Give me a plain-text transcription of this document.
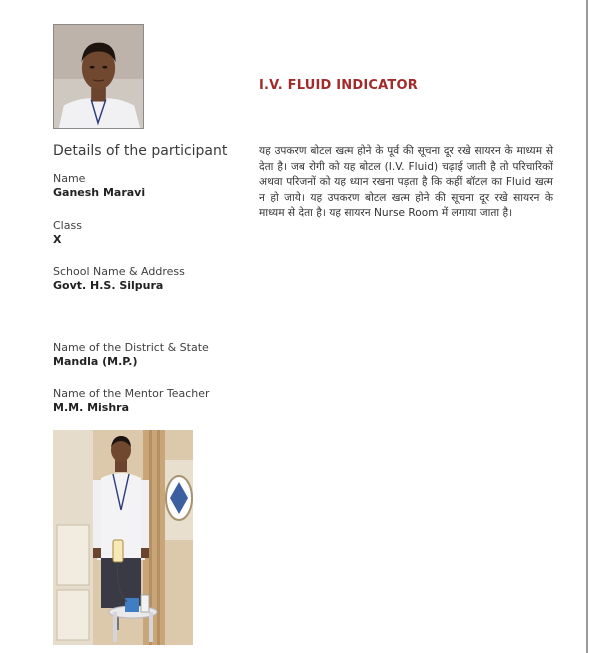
Details of the participant
Name
Ganesh Maravi
Class
X
School Name & Address
Govt. H.S. Silpura
Name of the District & State
Mandla (M.P.)
Name of the Mentor Teacher
M.M. Mishra
I.V. FLUID INDICATOR
यह उपकरण बोटल खत्म होने के पूर्व की सूचना दूर रखे सायरन के माध्यम से देता है। जब रोगी को यह बोटल (I.V. Fluid) चढ़ाई जाती है तो परिचारिकों अथवा परिजनों को यह ध्यान रखना पड़ता है कि कहीं बॉटल का Fluid खत्म न हो जाये। यह उपकरण बोटल खत्म होने की सूचना दूर रखे सायरन के माध्यम से देता है। यह सायरन Nurse Room में लगाया जाता है।
